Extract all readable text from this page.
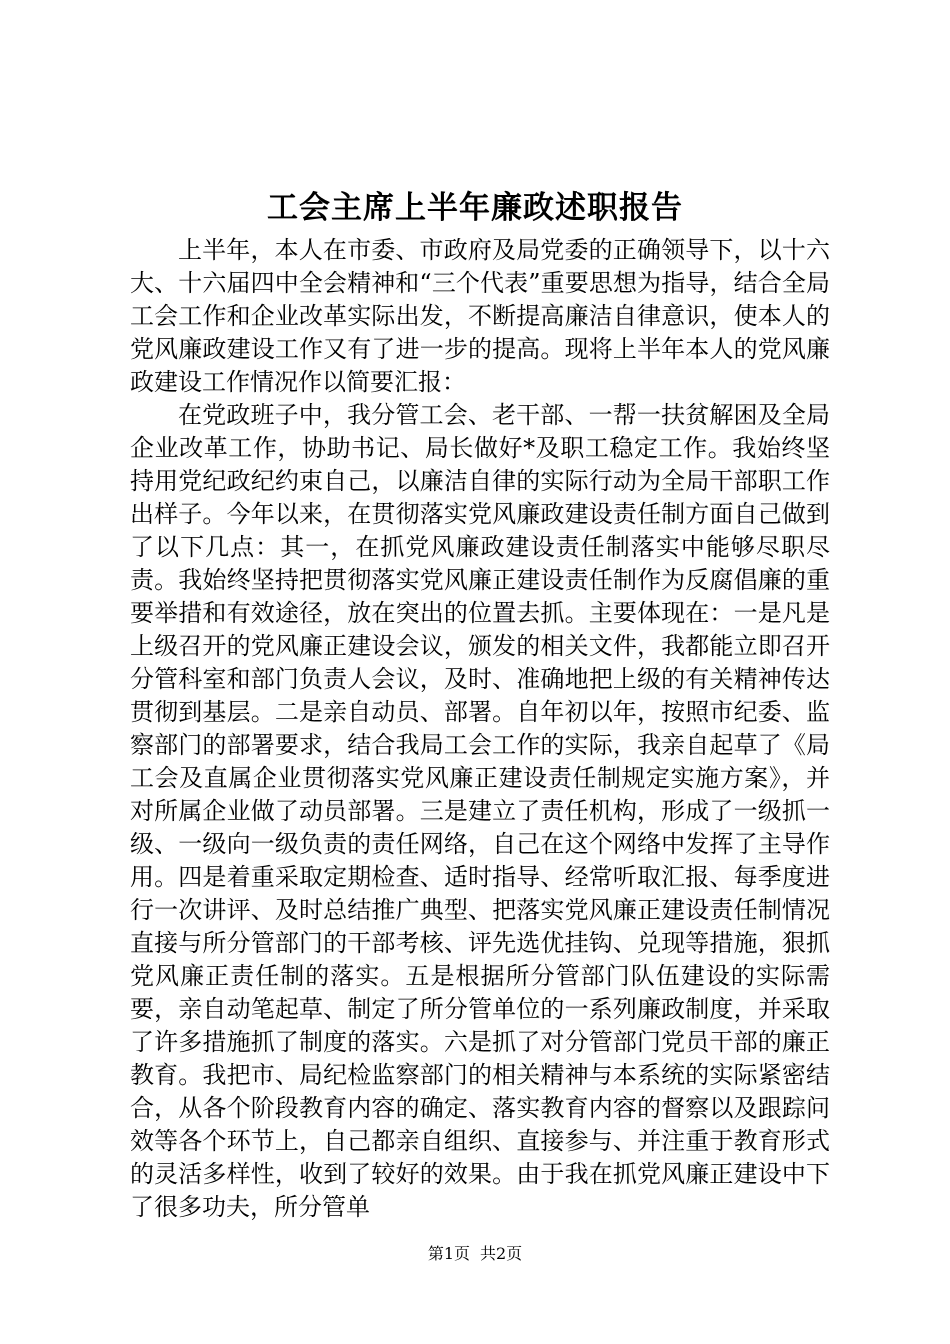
工会主席上半年廉政述职报告

上半年，本人在市委、市政府及局党委的正确领导下，以十六大、十六届四中全会精神和“三个代表”重要思想为指导，结合全局工会工作和企业改革实际出发，不断提高廉洁自律意识，使本人的党风廉政建设工作又有了进一步的提高。现将上半年本人的党风廉政建设工作情况作以简要汇报：

在党政班子中，我分管工会、老干部、一帮一扶贫解困及全局企业改革工作，协助书记、局长做好*及职工稳定工作。我始终坚持用党纪政纪约束自己，以廉洁自律的实际行动为全局干部职工作出样子。今年以来，在贯彻落实党风廉政建设责任制方面自己做到了以下几点：其一，在抓党风廉政建设责任制落实中能够尽职尽责。我始终坚持把贯彻落实党风廉正建设责任制作为反腐倡廉的重要举措和有效途径，放在突出的位置去抓。主要体现在：一是凡是上级召开的党风廉正建设会议，颁发的相关文件，我都能立即召开分管科室和部门负责人会议，及时、准确地把上级的有关精神传达贯彻到基层。二是亲自动员、部署。自年初以年，按照市纪委、监察部门的部署要求，结合我局工会工作的实际，我亲自起草了《局工会及直属企业贯彻落实党风廉正建设责任制规定实施方案》，并对所属企业做了动员部署。三是建立了责任机构，形成了一级抓一级、一级向一级负责的责任网络，自己在这个网络中发挥了主导作用。四是着重采取定期检查、适时指导、经常听取汇报、每季度进行一次讲评、及时总结推广典型、把落实党风廉正建设责任制情况直接与所分管部门的干部考核、评先选优挂钩、兑现等措施，狠抓党风廉正责任制的落实。五是根据所分管部门队伍建设的实际需要，亲自动笔起草、制定了所分管单位的一系列廉政制度，并采取了许多措施抓了制度的落实。六是抓了对分管部门党员干部的廉正教育。我把市、局纪检监察部门的相关精神与本系统的实际紧密结合，从各个阶段教育内容的确定、落实教育内容的督察以及跟踪问效等各个环节上，自己都亲自组织、直接参与、并注重于教育形式的灵活多样性，收到了较好的效果。由于我在抓党风廉正建设中下了很多功夫，所分管单

第1页 共2页
